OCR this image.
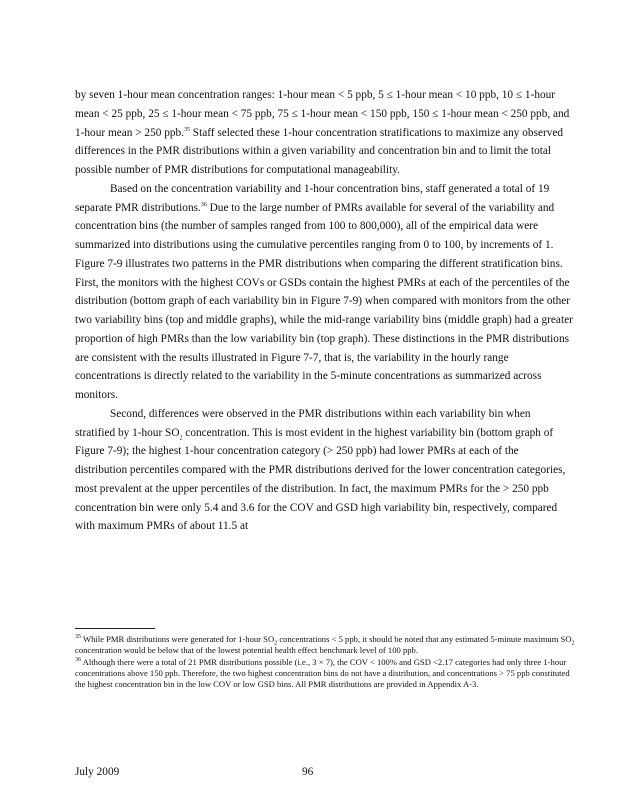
by seven 1-hour mean concentration ranges: 1-hour mean < 5 ppb, 5 ≤ 1-hour mean < 10 ppb, 10 ≤ 1-hour mean < 25 ppb, 25 ≤ 1-hour mean < 75 ppb, 75 ≤ 1-hour mean < 150 ppb, 150 ≤ 1-hour mean < 250 ppb, and 1-hour mean > 250 ppb.$^{35}$ Staff selected these 1-hour concentration stratifications to maximize any observed differences in the PMR distributions within a given variability and concentration bin and to limit the total possible number of PMR distributions for computational manageability.

Based on the concentration variability and 1-hour concentration bins, staff generated a total of 19 separate PMR distributions.$^{36}$ Due to the large number of PMRs available for several of the variability and concentration bins (the number of samples ranged from 100 to 800,000), all of the empirical data were summarized into distributions using the cumulative percentiles ranging from 0 to 100, by increments of 1. Figure 7-9 illustrates two patterns in the PMR distributions when comparing the different stratification bins. First, the monitors with the highest COVs or GSDs contain the highest PMRs at each of the percentiles of the distribution (bottom graph of each variability bin in Figure 7-9) when compared with monitors from the other two variability bins (top and middle graphs), while the mid-range variability bins (middle graph) had a greater proportion of high PMRs than the low variability bin (top graph). These distinctions in the PMR distributions are consistent with the results illustrated in Figure 7-7, that is, the variability in the hourly range concentrations is directly related to the variability in the 5-minute concentrations as summarized across monitors.

Second, differences were observed in the PMR distributions within each variability bin when stratified by 1-hour $SO_2$ concentration. This is most evident in the highest variability bin (bottom graph of Figure 7-9); the highest 1-hour concentration category (> 250 ppb) had lower PMRs at each of the distribution percentiles compared with the PMR distributions derived for the lower concentration categories, most prevalent at the upper percentiles of the distribution. In fact, the maximum PMRs for the > 250 ppb concentration bin were only 5.4 and 3.6 for the COV and GSD high variability bin, respectively, compared with maximum PMRs of about 11.5 at

$^{35}$ While PMR distributions were generated for 1-hour $SO_2$ concentrations < 5 ppb, it should be noted that any estimated 5-minute maximum $SO_2$ concentration would be below that of the lowest potential health effect benchmark level of 100 ppb.

$^{36}$ Although there were a total of 21 PMR distributions possible (i.e., 3 × 7), the COV < 100% and GSD <2.17 categories had only three 1-hour concentrations above 150 ppb. Therefore, the two highest concentration bins do not have a distribution, and concentrations > 75 ppb constituted the highest concentration bin in the low COV or low GSD bins. All PMR distributions are provided in Appendix A-3.

July 2009	96
